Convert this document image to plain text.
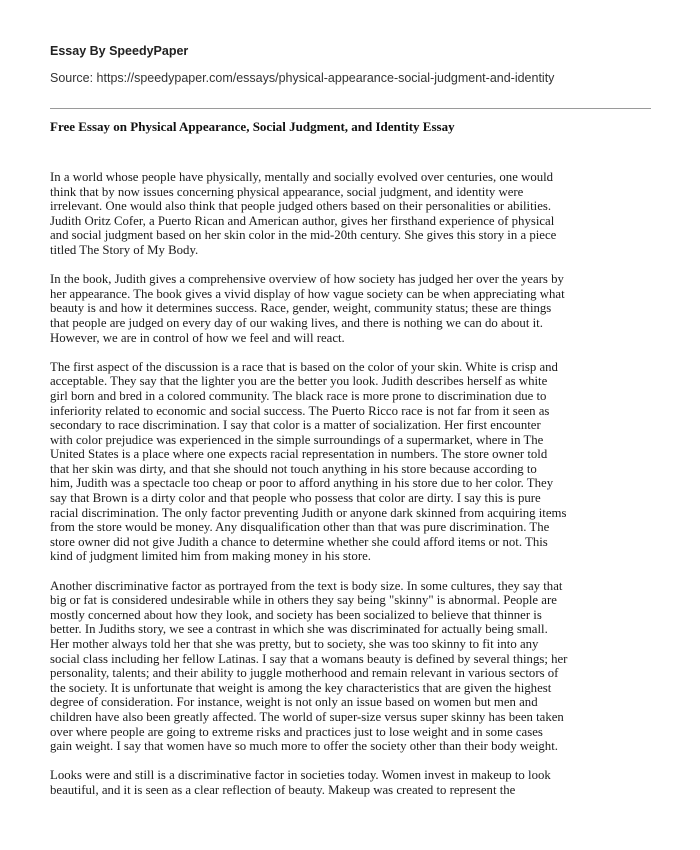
Essay By SpeedyPaper
Source: https://speedypaper.com/essays/physical-appearance-social-judgment-and-identity
Free Essay on Physical Appearance, Social Judgment, and Identity Essay

In a world whose people have physically, mentally and socially evolved over centuries, one would
think that by now issues concerning physical appearance, social judgment, and identity were
irrelevant. One would also think that people judged others based on their personalities or abilities.
Judith Oritz Cofer, a Puerto Rican and American author, gives her firsthand experience of physical
and social judgment based on her skin color in the mid-20th century. She gives this story in a piece
titled The Story of My Body.

In the book, Judith gives a comprehensive overview of how society has judged her over the years by
her appearance. The book gives a vivid display of how vague society can be when appreciating what
beauty is and how it determines success. Race, gender, weight, community status; these are things
that people are judged on every day of our waking lives, and there is nothing we can do about it.
However, we are in control of how we feel and will react.

The first aspect of the discussion is a race that is based on the color of your skin. White is crisp and
acceptable. They say that the lighter you are the better you look. Judith describes herself as white
girl born and bred in a colored community. The black race is more prone to discrimination due to
inferiority related to economic and social success. The Puerto Ricco race is not far from it seen as
secondary to race discrimination. I say that color is a matter of socialization. Her first encounter
with color prejudice was experienced in the simple surroundings of a supermarket, where in The
United States is a place where one expects racial representation in numbers. The store owner told
that her skin was dirty, and that she should not touch anything in his store because according to
him, Judith was a spectacle too cheap or poor to afford anything in his store due to her color. They
say that Brown is a dirty color and that people who possess that color are dirty. I say this is pure
racial discrimination. The only factor preventing Judith or anyone dark skinned from acquiring items
from the store would be money. Any disqualification other than that was pure discrimination. The
store owner did not give Judith a chance to determine whether she could afford items or not. This
kind of judgment limited him from making money in his store.

Another discriminative factor as portrayed from the text is body size. In some cultures, they say that
big or fat is considered undesirable while in others they say being "skinny" is abnormal. People are
mostly concerned about how they look, and society has been socialized to believe that thinner is
better. In Judiths story, we see a contrast in which she was discriminated for actually being small.
Her mother always told her that she was pretty, but to society, she was too skinny to fit into any
social class including her fellow Latinas. I say that a womans beauty is defined by several things; her
personality, talents; and their ability to juggle motherhood and remain relevant in various sectors of
the society. It is unfortunate that weight is among the key characteristics that are given the highest
degree of consideration. For instance, weight is not only an issue based on women but men and
children have also been greatly affected. The world of super-size versus super skinny has been taken
over where people are going to extreme risks and practices just to lose weight and in some cases
gain weight. I say that women have so much more to offer the society other than their body weight.

Looks were and still is a discriminative factor in societies today. Women invest in makeup to look
beautiful, and it is seen as a clear reflection of beauty. Makeup was created to represent the
